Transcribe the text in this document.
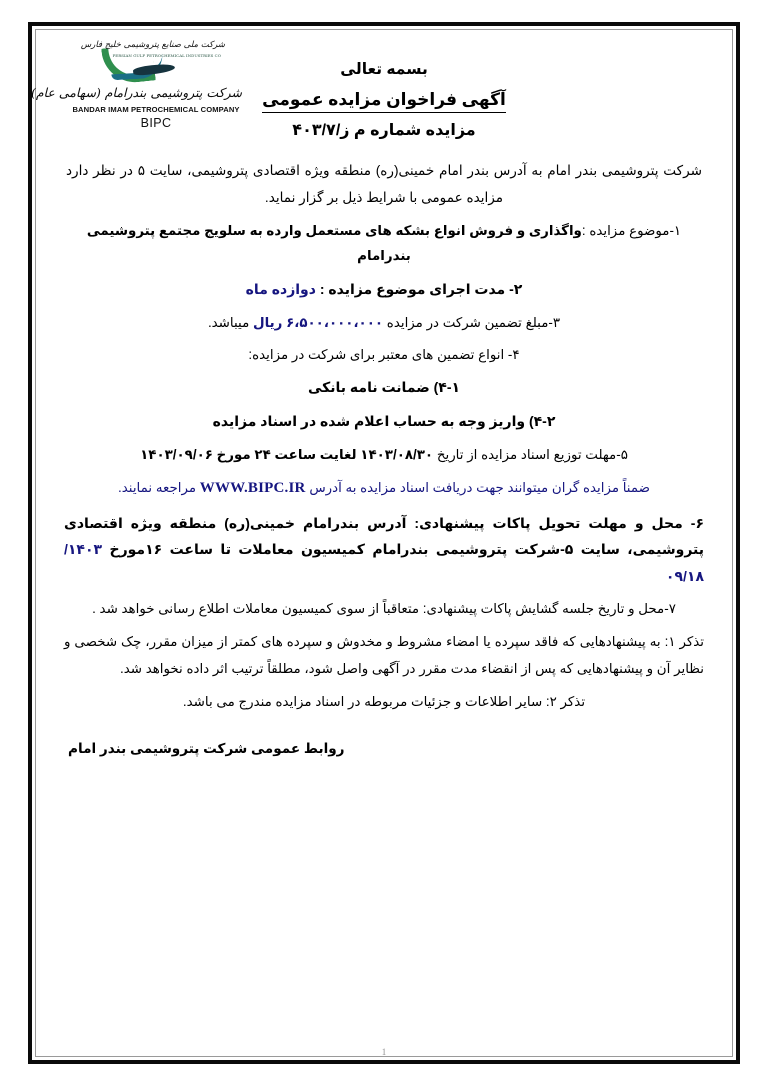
شركت ملى صنايع پتروشيمى خليج فارس
PERSIAN GULF PETROCHEMICAL INDUSTRIES CO
شرکت پتروشیمی بندرامام (سهامی عام)
BANDAR IMAM PETROCHEMICAL COMPANY
BIPC
بسمه تعالی
آگهی فراخوان مزایده عمومی
مزایده شماره م ز/۴۰۳/۷
شرکت پتروشیمی بندر امام به آدرس بندر امام خمینی(ره) منطقه ویژه اقتصادی پتروشیمی، سایت ۵ در نظر دارد مزایده عمومی با شرایط ذیل بر گزار نماید.
۱-موضوع مزایده :واگذاری و فروش انواع بشکه های مستعمل وارده به سلویج مجتمع پتروشیمی بندرامام
۲- مدت اجرای موضوع مزایده : دوازده ماه
۳-مبلغ تضمین شرکت در مزایده ۶،۵۰۰،۰۰۰،۰۰۰ ریال میباشد.
۴- انواع تضمین های معتبر برای شرکت در مزایده:
۴-۱) ضمانت نامه بانکی
۴-۲) واریز وجه به حساب اعلام شده در اسناد مزایده
۵-مهلت توزیع اسناد مزایده از تاریخ ۱۴۰۳/۰۸/۳۰ لغایت ساعت ۲۴ مورخ ۱۴۰۳/۰۹/۰۶
ضمناً مزایده گران میتوانند جهت دریافت اسناد مزایده به آدرس WWW.BIPC.IR مراجعه نمایند.
۶- محل و مهلت تحویل پاکات پیشنهادی: آدرس بندرامام خمینی(ره) منطقه ویژه اقتصادی پتروشیمی، سایت ۵-شرکت پتروشیمی بندرامام کمیسیون معاملات تا ساعت ۱۶مورخ ۱۴۰۳/ ۰۹/۱۸
۷-محل و تاریخ جلسه گشایش پاکات پیشنهادی: متعاقباً از سوی کمیسیون معاملات اطلاع رسانی خواهد شد .
تذکر ۱: به پیشنهادهایی که فاقد سپرده یا امضاء مشروط و مخدوش و سپرده های کمتر از میزان مقرر، چک شخصی و نظایر آن و پیشنهادهایی که پس از انقضاء مدت مقرر در آگهی واصل شود، مطلقاً ترتیب اثر داده نخواهد شد.
تذکر ۲: سایر اطلاعات و جزئیات مربوطه در اسناد مزایده مندرج می باشد.
روابط عمومی شرکت پتروشیمی بندر امام
1
